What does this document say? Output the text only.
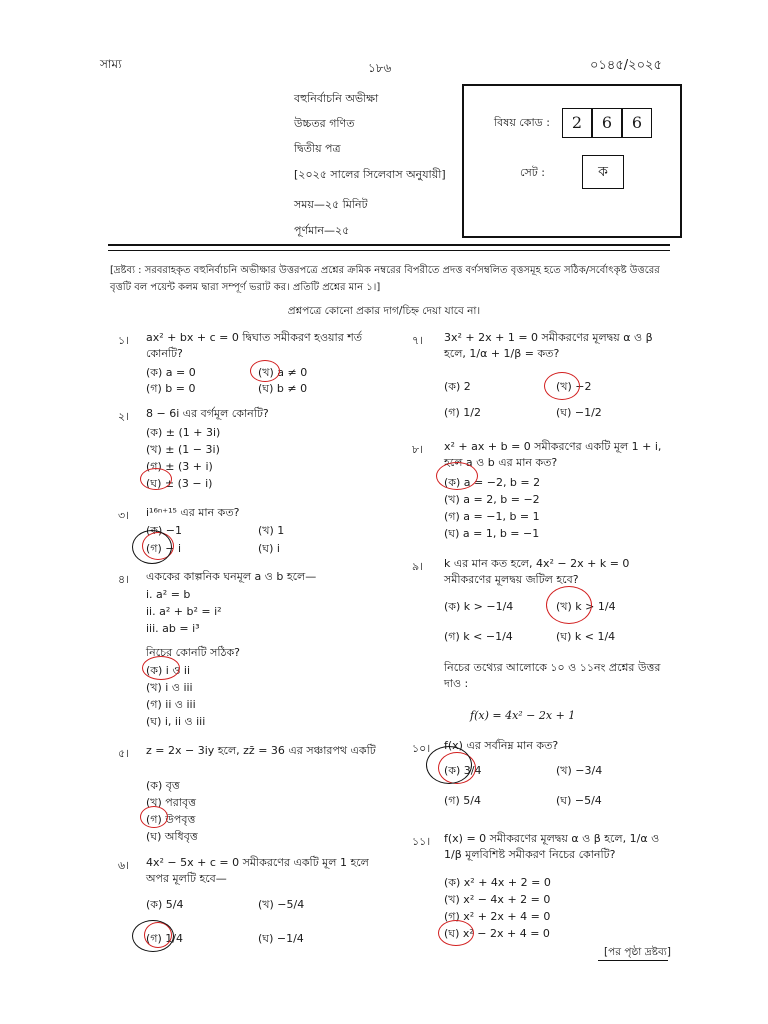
সাম্য	১৮৬	০১৪৫/২০২৫
বহুনির্বাচনি অভীক্ষা
উচ্চতর গণিত
দ্বিতীয় পত্র
[২০২৫ সালের সিলেবাস অনুযায়ী]
সময়—২৫ মিনিট
পূর্ণমান—২৫
বিষয় কোড :	2	6	6
সেট :	ক
[দ্রষ্টব্য : সরবরাহকৃত বহুনির্বাচনি অভীক্ষার উত্তরপত্রে প্রশ্নের ক্রমিক নম্বরের বিপরীতে প্রদত্ত বর্ণসম্বলিত বৃত্তসমূহ হতে সঠিক/সর্বোৎকৃষ্ট উত্তরের বৃত্তটি বল পয়েন্ট কলম দ্বারা সম্পূর্ণ ভরাট কর। প্রতিটি প্রশ্নের মান ১।]
প্রশ্নপত্রে কোনো প্রকার দাগ/চিহ্ন দেয়া যাবে না।
১। ax² + bx + c = 0 দ্বিঘাত সমীকরণ হওয়ার শর্ত কোনটি?
(ক) a = 0	(খ) a ≠ 0
(গ) b = 0	(ঘ) b ≠ 0
২। 8 − 6i এর বর্গমূল কোনটি?
(ক) ± (1 + 3i)
(খ) ± (1 − 3i)
(গ) ± (3 + i)
(ঘ) ± (3 − i)
৩। i¹⁶ⁿ⁺¹⁵ এর মান কত?
(ক) −1	(খ) 1
(গ) − i	(ঘ) i
৪। এককের কাল্পনিক ঘনমূল a ও b হলে—
i. a² = b
ii. a² + b² = i²
iii. ab = i³
নিচের কোনটি সঠিক?
(ক) i ও ii
(খ) i ও iii
(গ) ii ও iii
(ঘ) i, ii ও iii
৫। z = 2x − 3iy হলে, zz̄ = 36 এর সঞ্চারপথ একটি
(ক) বৃত্ত
(খ) পরাবৃত্ত
(গ) উপবৃত্ত
(ঘ) অধিবৃত্ত
৬। 4x² − 5x + c = 0 সমীকরণের একটি মূল 1 হলে অপর মূলটি হবে—
(ক) 5/4	(খ) −5/4
(গ) 1/4	(ঘ) −1/4
৭। 3x² + 2x + 1 = 0 সমীকরণের মূলদ্বয় α ও β হলে, 1/α + 1/β = কত?
(ক) 2	(খ) −2
(গ) 1/2	(ঘ) −1/2
৮। x² + ax + b = 0 সমীকরণের একটি মূল 1 + i, হলে a ও b এর মান কত?
(ক) a = −2, b = 2
(খ) a = 2, b = −2
(গ) a = −1, b = 1
(ঘ) a = 1, b = −1
৯। k এর মান কত হলে, 4x² − 2x + k = 0 সমীকরণের মূলদ্বয় জটিল হবে?
(ক) k > −1/4	(খ) k > 1/4
(গ) k < −1/4	(ঘ) k < 1/4
নিচের তথ্যের আলোকে ১০ ও ১১নং প্রশ্নের উত্তর দাও :
f(x) = 4x² − 2x + 1
১০। f(x) এর সর্বনিম্ন মান কত?
(ক) 3/4	(খ) −3/4
(গ) 5/4	(ঘ) −5/4
১১। f(x) = 0 সমীকরণের মূলদ্বয় α ও β হলে, 1/α ও 1/β মূলবিশিষ্ট সমীকরণ নিচের কোনটি?
(ক) x² + 4x + 2 = 0
(খ) x² − 4x + 2 = 0
(গ) x² + 2x + 4 = 0
(ঘ) x² − 2x + 4 = 0
[পর পৃষ্ঠা দ্রষ্টব্য]
